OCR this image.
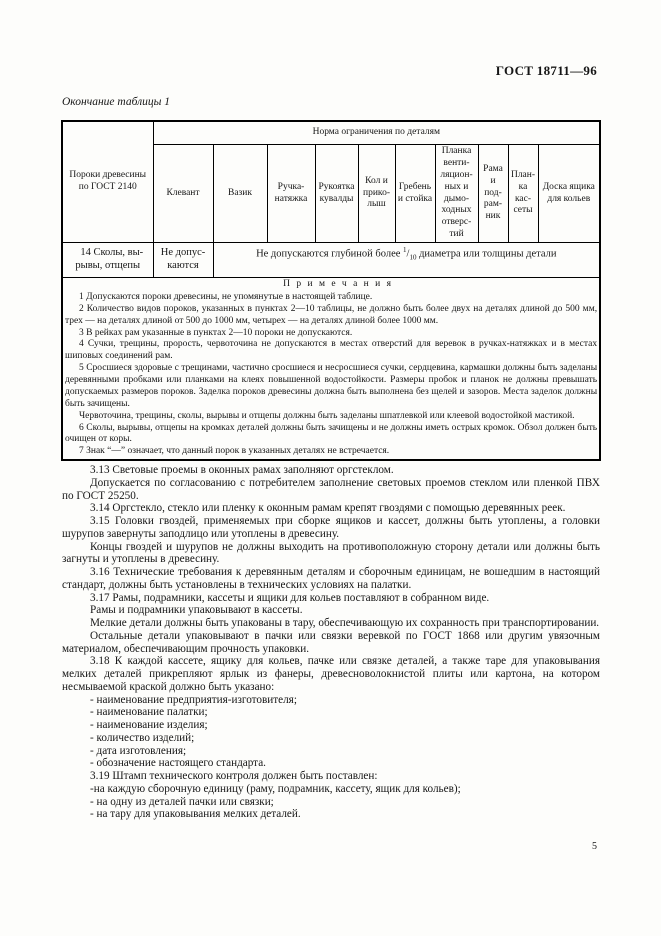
ГОСТ 18711—96
Окончание таблицы 1
Пороки древесины по ГОСТ 2140	Норма ограничения по деталям									
	Клевант	Вазик	Ручка-натяжка	Рукоятка кувалды	Кол и прико-лыш	Гребень и стойка	Планка венти-ляцион-ных и дымо-ходных отверс-тий	Рама и под-рам-ник	План-ка кас-сеты	Доска ящика для кольев
14 Сколы, вы-рывы, отщепы	Не допус-каются	Не допускаются глубиной более $^1/_{10}$ диаметра или толщины детали								

П р и м е ч а н и я

1 Допускаются пороки древесины, не упомянутые в настоящей таблице.

2 Количество видов пороков, указанных в пунктах 2—10 таблицы, не должно быть более двух на деталях длиной до 500 мм, трех — на деталях длиной от 500 до 1000 мм, четырех — на деталях длиной более 1000 мм.

3 В рейках рам указанные в пунктах 2—10 пороки не допускаются.

4 Сучки, трещины, прорость, червоточина не допускаются в местах отверстий для веревок в ручках-натяжках и в местах шиповых соединений рам.

5 Сросшиеся здоровые с трещинами, частично сросшиеся и несросшиеся сучки, сердцевина, кармашки должны быть заделаны деревянными пробками или планками на клеях повышенной водостойкости. Размеры пробок и планок не должны превышать допускаемых размеров пороков. Заделка пороков древесины должна быть выполнена без щелей и зазоров. Места заделок должны быть зачищены.

Червоточина, трещины, сколы, вырывы и отщепы должны быть заделаны шпатлевкой или клеевой водостойкой мастикой.

6 Сколы, вырывы, отщепы на кромках деталей должны быть зачищены и не должны иметь острых кромок. Обзол должен быть очищен от коры.

7 Знак “—” означает, что данный порок в указанных деталях не встречается.

3.13 Световые проемы в оконных рамах заполняют оргстеклом.

Допускается по согласованию с потребителем заполнение световых проемов стеклом или пленкой ПВХ по ГОСТ 25250.

3.14 Оргстекло, стекло или пленку к оконным рамам крепят гвоздями с помощью деревянных реек.

3.15 Головки гвоздей, применяемых при сборке ящиков и кассет, должны быть утоплены, а головки шурупов завернуты заподлицо или утоплены в древесину.

Концы гвоздей и шурупов не должны выходить на противоположную сторону детали или должны быть загнуты и утоплены в древесину.

3.16 Технические требования к деревянным деталям и сборочным единицам, не вошедшим в настоящий стандарт, должны быть установлены в технических условиях на палатки.

3.17 Рамы, подрамники, кассеты и ящики для кольев поставляют в собранном виде.

Рамы и подрамники упаковывают в кассеты.

Мелкие детали должны быть упакованы в тару, обеспечивающую их сохранность при транспортировании.

Остальные детали упаковывают в пачки или связки веревкой по ГОСТ 1868 или другим увязочным материалом, обеспечивающим прочность упаковки.

3.18 К каждой кассете, ящику для кольев, пачке или связке деталей, а также таре для упаковывания мелких деталей прикрепляют ярлык из фанеры, древесноволокнистой плиты или картона, на котором несмываемой краской должно быть указано:

- наименование предприятия-изготовителя;

- наименование палатки;

- наименование изделия;

- количество изделий;

- дата изготовления;

- обозначение настоящего стандарта.

3.19 Штамп технического контроля должен быть поставлен:

-на каждую сборочную единицу (раму, подрамник, кассету, ящик для кольев);

- на одну из деталей пачки или связки;

- на тару для упаковывания мелких деталей.

5
